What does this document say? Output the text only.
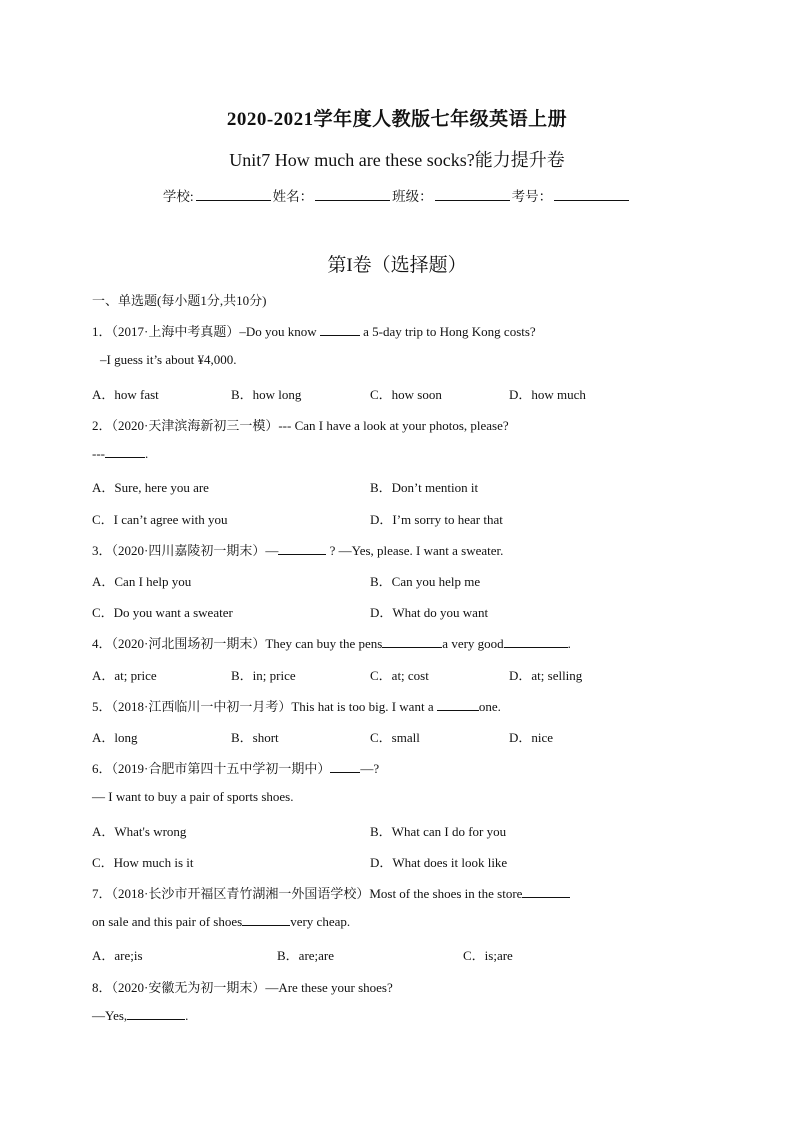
2020-2021学年度人教版七年级英语上册
Unit7 How much are these socks?能力提升卷
学校:	姓名：	班级：	考号：
第I卷（选择题）
一、单选题(每小题1分,共10分)
1．（2017·上海中考真题）–Do you know	a 5-day trip to Hong Kong costs?
–I guess it’s about ¥4,000.
A．how fast	B．how long	C．how soon	D．how much
2．（2020·天津滨海新初三一模）--- Can I have a look at your photos, please?
---	.
A．Sure, here you are	B．Don’t mention it
C．I can’t agree with you	D．I’m sorry to hear that
3．（2020·四川嘉陵初一期末）—	? —Yes, please. I want a sweater.
A．Can I help you	B．Can you help me
C．Do you want a sweater	D．What do you want
4．（2020·河北围场初一期末）They can buy the pens	a very good	.
A．at; price	B．in; price	C．at; cost	D．at; selling
5．（2018·江西临川一中初一月考）This hat is too big. I want a	one.
A．long	B．short	C．small	D．nice
6．（2019·合肥市第四十五中学初一期中） —?
— I want to buy a pair of sports shoes.
A．What's wrong	B．What can I do for you
C．How much is it	D．What does it look like
7．（2018·长沙市开福区青竹湖湘一外国语学校）Most of the shoes in the store
on sale and this pair of shoes	very cheap.
A．are;is	B．are;are	C．is;are
8．（2020·安徽无为初一期末）—Are these your shoes?
—Yes,	.
